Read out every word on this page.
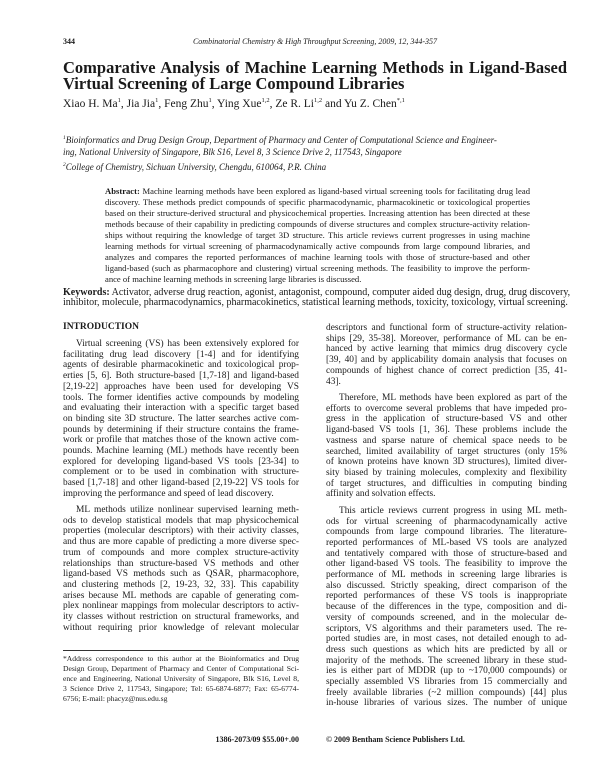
344	Combinatorial Chemistry & High Throughput Screening, 2009, 12, 344-357
Comparative Analysis of Machine Learning Methods in Ligand-Based
Virtual Screening of Large Compound Libraries
Xiao H. Ma$^1$, Jia Jia$^1$, Feng Zhu$^1$, Ying Xue$^{1,2}$, Ze R. Li$^{1,2}$ and Yu Z. Chen$^{*,1}$
$^1$Bioinformatics and Drug Design Group, Department of Pharmacy and Center of Computational Science and Engineer-
ing, National University of Singapore, Blk S16, Level 8, 3 Science Drive 2, 117543, Singapore
$^2$College of Chemistry, Sichuan University, Chengdu, 610064, P.R. China
Abstract: Machine learning methods have been explored as ligand-based virtual screening tools for facilitating drug lead
discovery. These methods predict compounds of specific pharmacodynamic, pharmacokinetic or toxicological properties
based on their structure-derived structural and physicochemical properties. Increasing attention has been directed at these
methods because of their capability in predicting compounds of diverse structures and complex structure-activity relation-
ships without requiring the knowledge of target 3D structure. This article reviews current progresses in using machine
learning methods for virtual screening of pharmacodynamically active compounds from large compound libraries, and
analyzes and compares the reported performances of machine learning tools with those of structure-based and other
ligand-based (such as pharmacophore and clustering) virtual screening methods. The feasibility to improve the perform-
ance of machine learning methods in screening large libraries is discussed.
Keywords: Activator, adverse drug reaction, agonist, antagonist, compound, computer aided dug design, drug, drug discovery,
inhibitor, molecule, pharmacodynamics, pharmacokinetics, statistical learning methods, toxicity, toxicology, virtual screening.
INTRODUCTION
Virtual screening (VS) has been extensively explored for
facilitating drug lead discovery [1-4] and for identifying
agents of desirable pharmacokinetic and toxicological prop-
erties [5, 6]. Both structure-based [1,7-18] and ligand-based
[2,19-22] approaches have been used for developing VS
tools. The former identifies active compounds by modeling
and evaluating their interaction with a specific target based
on binding site 3D structure. The latter searches active com-
pounds by determining if their structure contains the frame-
work or profile that matches those of the known active com-
pounds. Machine learning (ML) methods have recently been
explored for developing ligand-based VS tools [23-34] to
complement or to be used in combination with structure-
based [1,7-18] and other ligand-based [2,19-22] VS tools for
improving the performance and speed of lead discovery.
ML methods utilize nonlinear supervised learning meth-
ods to develop statistical models that map physicochemical
properties (molecular descriptors) with their activity classes,
and thus are more capable of predicting a more diverse spec-
trum of compounds and more complex structure-activity
relationships than structure-based VS methods and other
ligand-based VS methods such as QSAR, pharmacophore,
and clustering methods [2, 19-23, 32, 33]. This capability
arises because ML methods are capable of generating com-
plex nonlinear mappings from molecular descriptors to activ-
ity classes without restriction on structural frameworks, and
without requiring prior knowledge of relevant molecular
descriptors and functional form of structure-activity relation-
ships [29, 35-38]. Moreover, performance of ML can be en-
hanced by active learning that mimics drug discovery cycle
[39, 40] and by applicability domain analysis that focuses on
compounds of highest chance of correct prediction [35, 41-
43].
Therefore, ML methods have been explored as part of the
efforts to overcome several problems that have impeded pro-
gress in the application of structure-based VS and other
ligand-based VS tools [1, 36]. These problems include the
vastness and sparse nature of chemical space needs to be
searched, limited availability of target structures (only 15%
of known proteins have known 3D structures), limited diver-
sity biased by training molecules, complexity and flexibility
of target structures, and difficulties in computing binding
affinity and solvation effects.
This article reviews current progress in using ML meth-
ods for virtual screening of pharmacodynamically active
compounds from large compound libraries. The literature-
reported performances of ML-based VS tools are analyzed
and tentatively compared with those of structure-based and
other ligand-based VS tools. The feasibility to improve the
performance of ML methods in screening large libraries is
also discussed. Strictly speaking, direct comparison of the
reported performances of these VS tools is inappropriate
because of the differences in the type, composition and di-
versity of compounds screened, and in the molecular de-
scriptors, VS algorithms and their parameters used. The re-
ported studies are, in most cases, not detailed enough to ad-
dress such questions as which hits are predicted by all or
majority of the methods. The screened library in these stud-
ies is either part of MDDR (up to ~170,000 compounds) or
specially assembled VS libraries from 15 commercially and
freely available libraries (~2 million compounds) [44] plus
in-house libraries of various sizes. The number of unique
*Address correspondence to this author at the Bioinformatics and Drug
Design Group, Department of Pharmacy and Center of Computational Sci-
ence and Engineering, National University of Singapore, Blk S16, Level 8,
3 Science Drive 2, 117543, Singapore; Tel: 65-6874-6877; Fax: 65-6774-
6756; E-mail: phacyz@nus.edu.sg
1386-2073/09 $55.00+.00	© 2009 Bentham Science Publishers Ltd.
